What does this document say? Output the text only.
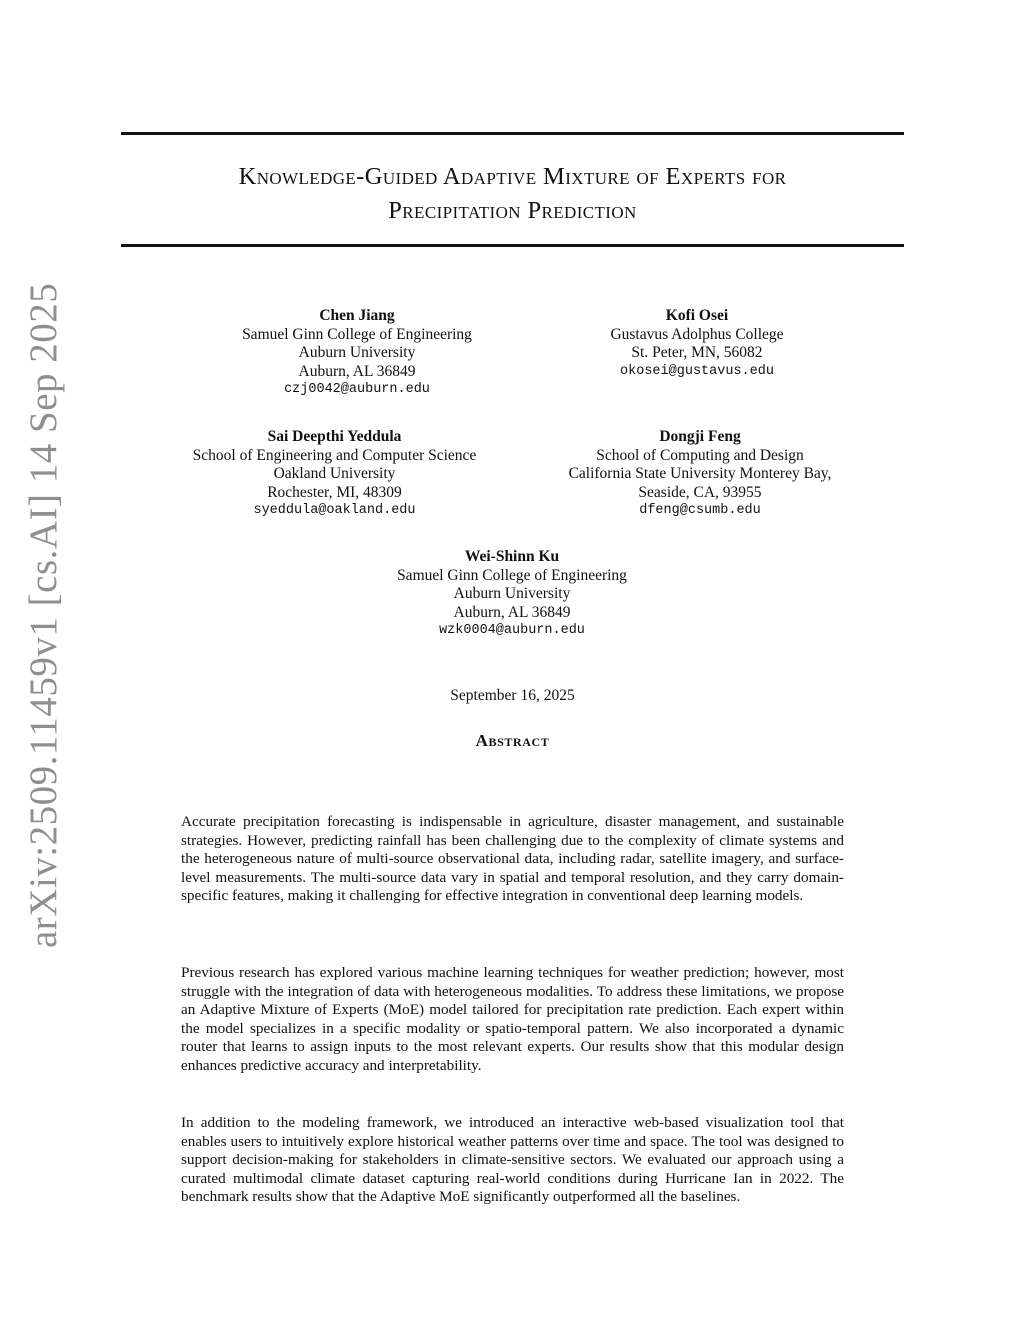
arXiv:2509.11459v1 [cs.AI] 14 Sep 2025
Knowledge-Guided Adaptive Mixture of Experts for
Precipitation Prediction
Chen Jiang
Samuel Ginn College of Engineering
Auburn University
Auburn, AL 36849
czj0042@auburn.edu
Kofi Osei
Gustavus Adolphus College
St. Peter, MN, 56082
okosei@gustavus.edu
Sai Deepthi Yeddula
School of Engineering and Computer Science
Oakland University
Rochester, MI, 48309
syeddula@oakland.edu
Dongji Feng
School of Computing and Design
California State University Monterey Bay,
Seaside, CA, 93955
dfeng@csumb.edu
Wei-Shinn Ku
Samuel Ginn College of Engineering
Auburn University
Auburn, AL 36849
wzk0004@auburn.edu
September 16, 2025
Abstract

Accurate precipitation forecasting is indispensable in agriculture, disaster management, and sustainable strategies. However, predicting rainfall has been challenging due to the complexity of climate systems and the heterogeneous nature of multi-source observational data, including radar, satellite imagery, and surface-level measurements. The multi-source data vary in spatial and temporal resolution, and they carry domain-specific features, making it challenging for effective integration in conventional deep learning models.

Previous research has explored various machine learning techniques for weather prediction; however, most struggle with the integration of data with heterogeneous modalities. To address these limitations, we propose an Adaptive Mixture of Experts (MoE) model tailored for precipitation rate prediction. Each expert within the model specializes in a specific modality or spatio-temporal pattern. We also incorporated a dynamic router that learns to assign inputs to the most relevant experts. Our results show that this modular design enhances predictive accuracy and interpretability.

In addition to the modeling framework, we introduced an interactive web-based visualization tool that enables users to intuitively explore historical weather patterns over time and space. The tool was designed to support decision-making for stakeholders in climate-sensitive sectors. We evaluated our approach using a curated multimodal climate dataset capturing real-world conditions during Hurricane Ian in 2022. The benchmark results show that the Adaptive MoE significantly outperformed all the baselines.
